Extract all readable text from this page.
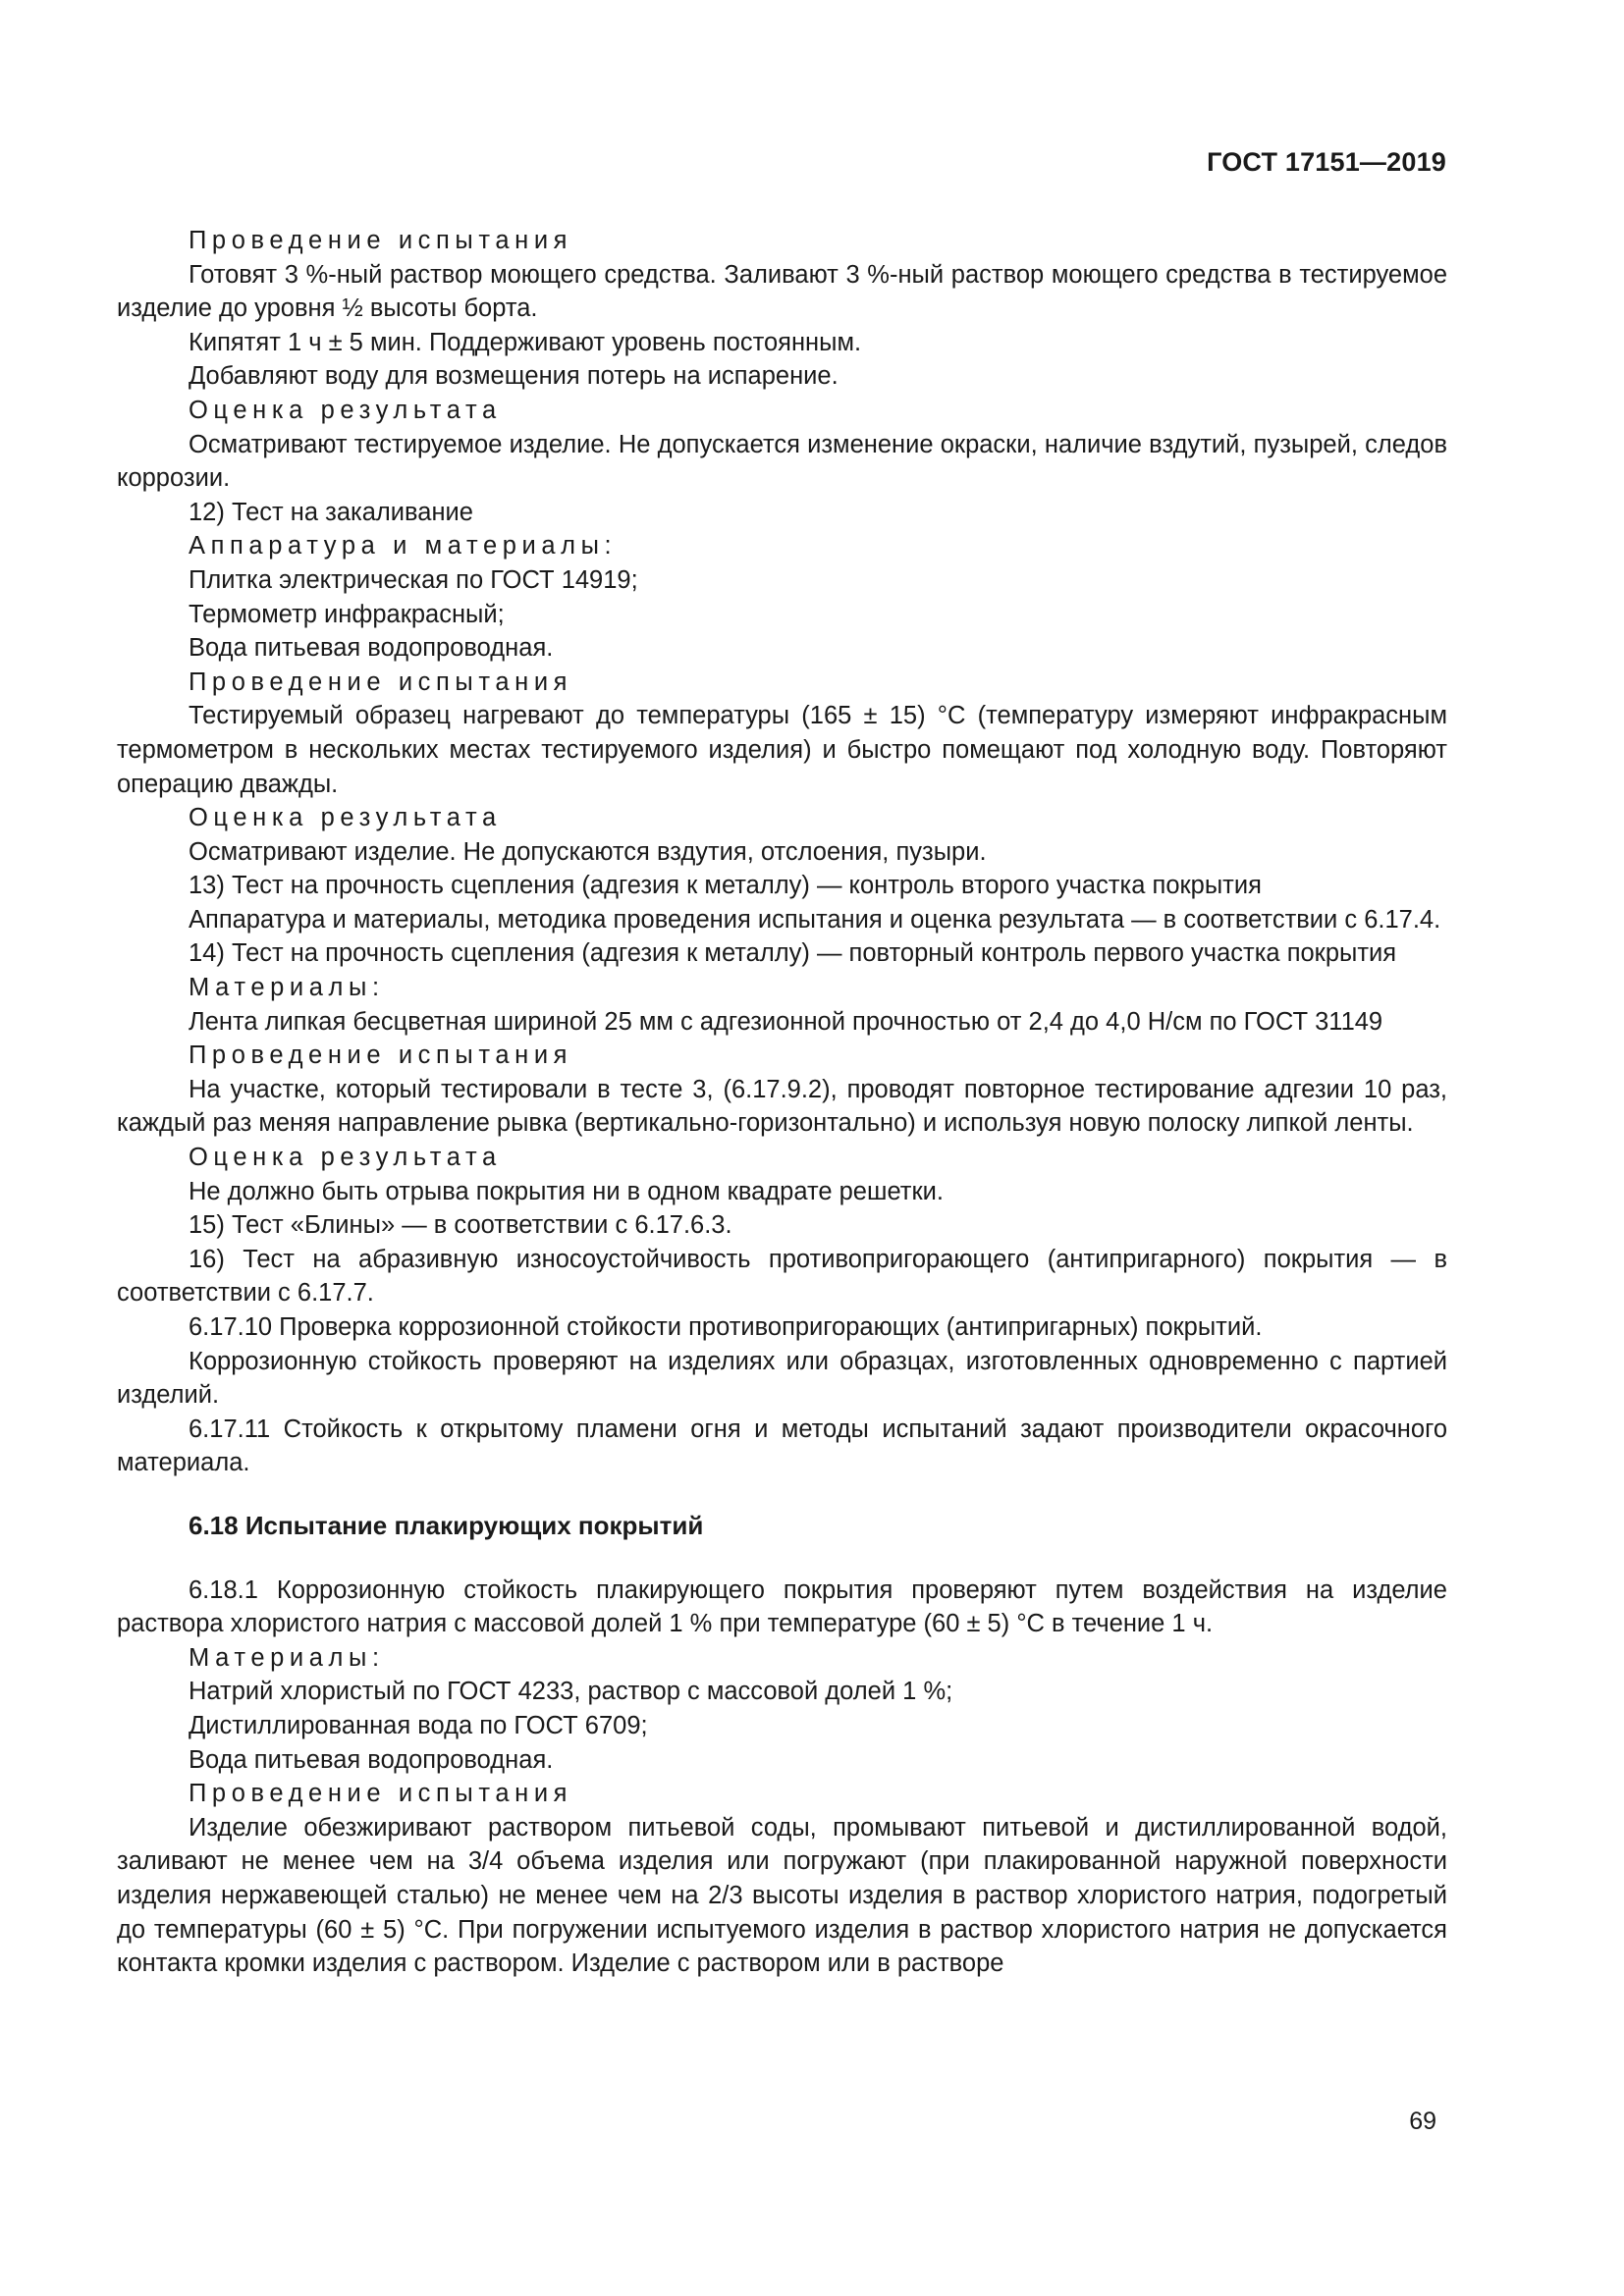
ГОСТ 17151—2019

Проведение испытания

Готовят 3 %-ный раствор моющего средства. Заливают 3 %-ный раствор моющего средства в тестируемое изделие до уровня ½ высоты борта.

Кипятят 1 ч ± 5 мин. Поддерживают уровень постоянным.

Добавляют воду для возмещения потерь на испарение.

Оценка результата

Осматривают тестируемое изделие. Не допускается изменение окраски, наличие вздутий, пузырей, следов коррозии.

12) Тест на закаливание

Аппаратура и материалы:

Плитка электрическая по ГОСТ 14919;

Термометр инфракрасный;

Вода питьевая водопроводная.

Проведение испытания

Тестируемый образец нагревают до температуры (165 ± 15) °С (температуру измеряют инфракрасным термометром в нескольких местах тестируемого изделия) и быстро помещают под холодную воду. Повторяют операцию дважды.

Оценка результата

Осматривают изделие. Не допускаются вздутия, отслоения, пузыри.

13) Тест на прочность сцепления (адгезия к металлу) — контроль второго участка покрытия

Аппаратура и материалы, методика проведения испытания и оценка результата — в соответствии с 6.17.4.

14) Тест на прочность сцепления (адгезия к металлу) — повторный контроль первого участка покрытия

Материалы:

Лента липкая бесцветная шириной 25 мм с адгезионной прочностью от 2,4 до 4,0 Н/см по ГОСТ 31149

Проведение испытания

На участке, который тестировали в тесте 3, (6.17.9.2), проводят повторное тестирование адгезии 10 раз, каждый раз меняя направление рывка (вертикально-горизонтально) и используя новую полоску липкой ленты.

Оценка результата

Не должно быть отрыва покрытия ни в одном квадрате решетки.

15) Тест «Блины» — в соответствии с 6.17.6.3.

16) Тест на абразивную износоустойчивость противопригорающего (антипригарного) покрытия — в соответствии с 6.17.7.

6.17.10 Проверка коррозионной стойкости противопригорающих (антипригарных) покрытий.

Коррозионную стойкость проверяют на изделиях или образцах, изготовленных одновременно с партией изделий.

6.17.11 Стойкость к открытому пламени огня и методы испытаний задают производители окрасочного материала.

6.18 Испытание плакирующих покрытий

6.18.1 Коррозионную стойкость плакирующего покрытия проверяют путем воздействия на изделие раствора хлористого натрия с массовой долей 1 % при температуре (60 ± 5) °С в течение 1 ч.

Материалы:

Натрий хлористый по ГОСТ 4233, раствор с массовой долей 1 %;

Дистиллированная вода по ГОСТ 6709;

Вода питьевая водопроводная.

Проведение испытания

Изделие обезжиривают раствором питьевой соды, промывают питьевой и дистиллированной водой, заливают не менее чем на 3/4 объема изделия или погружают (при плакированной наружной поверхности изделия нержавеющей сталью) не менее чем на 2/3 высоты изделия в раствор хлористого натрия, подогретый до температуры (60 ± 5) °С. При погружении испытуемого изделия в раствор хлористого натрия не допускается контакта кромки изделия с раствором. Изделие с раствором или в растворе

69
